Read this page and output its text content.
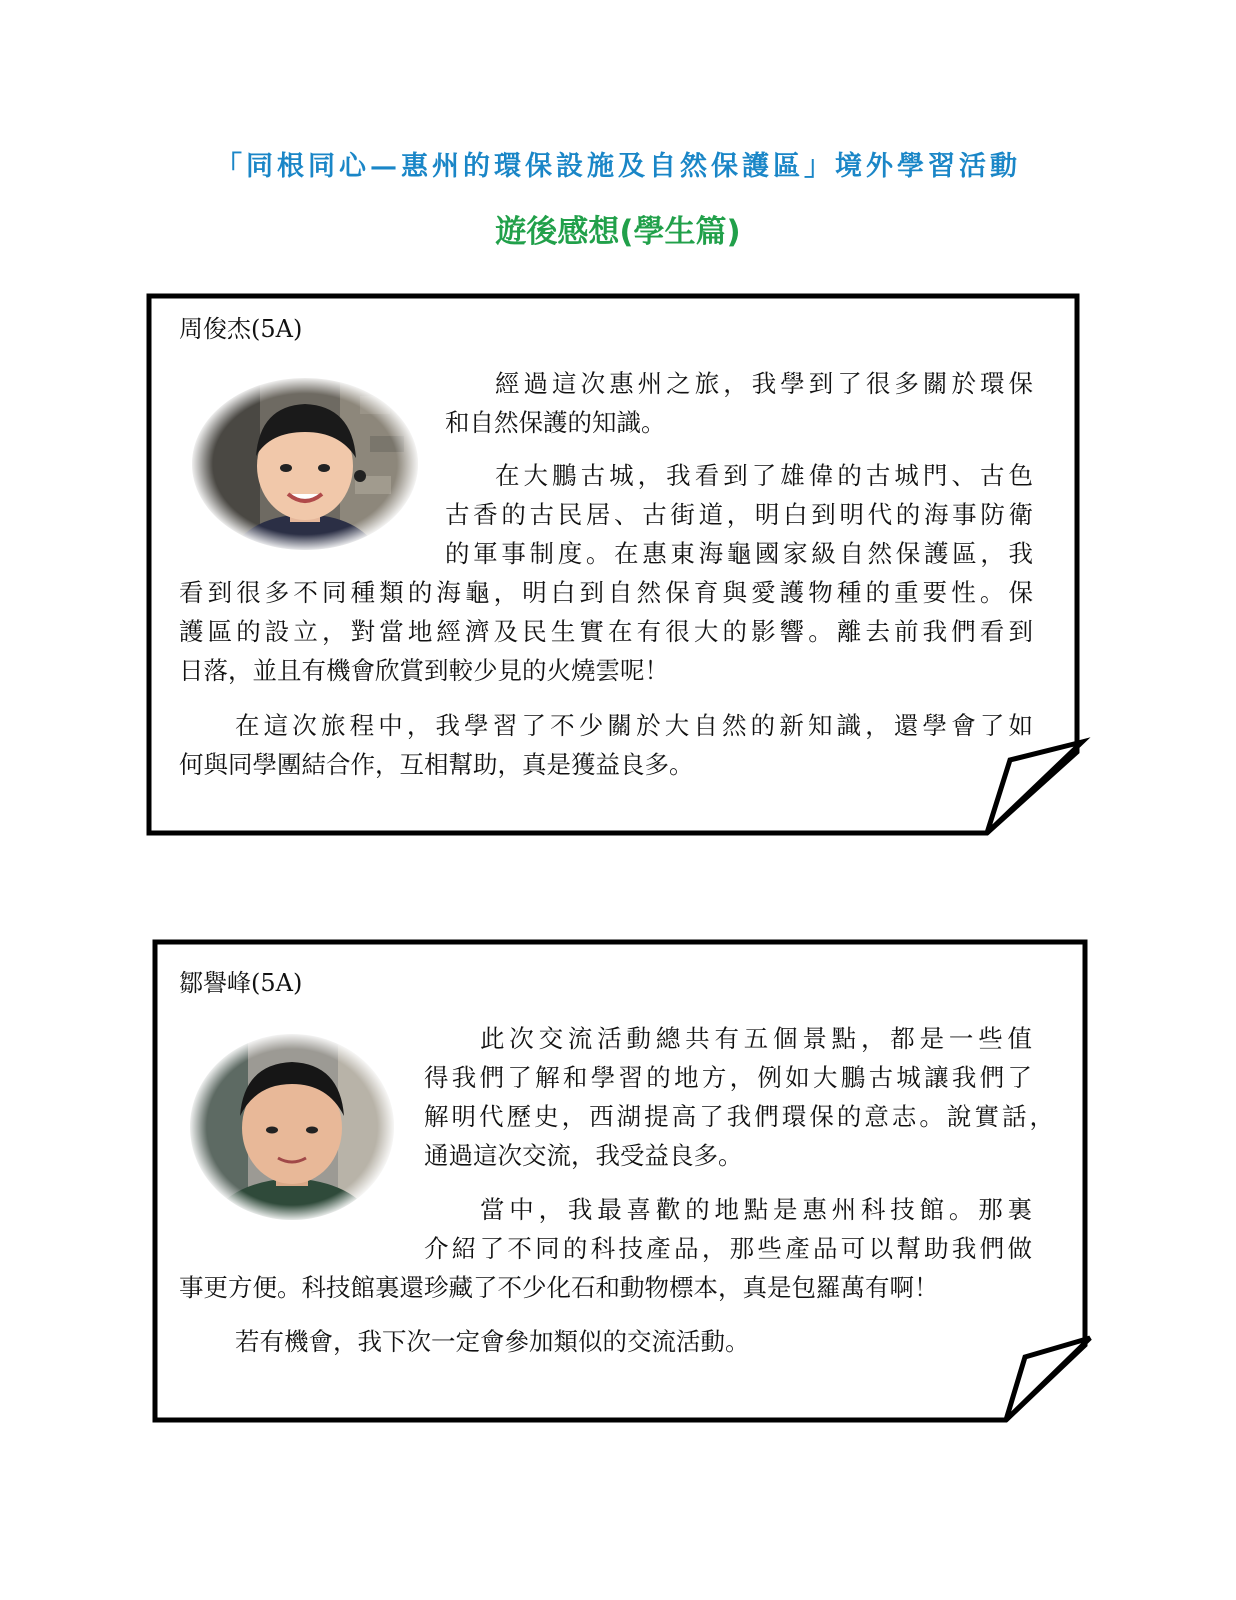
「同根同心—惠州的環保設施及自然保護區」境外學習活動
遊後感想(學生篇)
周俊杰(5A)
經過這次惠州之旅，我學到了很多關於環保
和自然保護的知識。
在大鵬古城，我看到了雄偉的古城門、古色
古香的古民居、古街道，明白到明代的海事防衛
的軍事制度。在惠東海龜國家級自然保護區，我
看到很多不同種類的海龜，明白到自然保育與愛護物種的重要性。保
護區的設立，對當地經濟及民生實在有很大的影響。離去前我們看到
日落，並且有機會欣賞到較少見的火燒雲呢！
在這次旅程中，我學習了不少關於大自然的新知識，還學會了如
何與同學團結合作，互相幫助，真是獲益良多。
鄒譽峰(5A)
此次交流活動總共有五個景點，都是一些值
得我們了解和學習的地方，例如大鵬古城讓我們了
解明代歷史，西湖提高了我們環保的意志。說實話，
通過這次交流，我受益良多。
當中，我最喜歡的地點是惠州科技館。那裏
介紹了不同的科技產品，那些產品可以幫助我們做
事更方便。科技館裏還珍藏了不少化石和動物標本，真是包羅萬有啊！
若有機會，我下次一定會參加類似的交流活動。
